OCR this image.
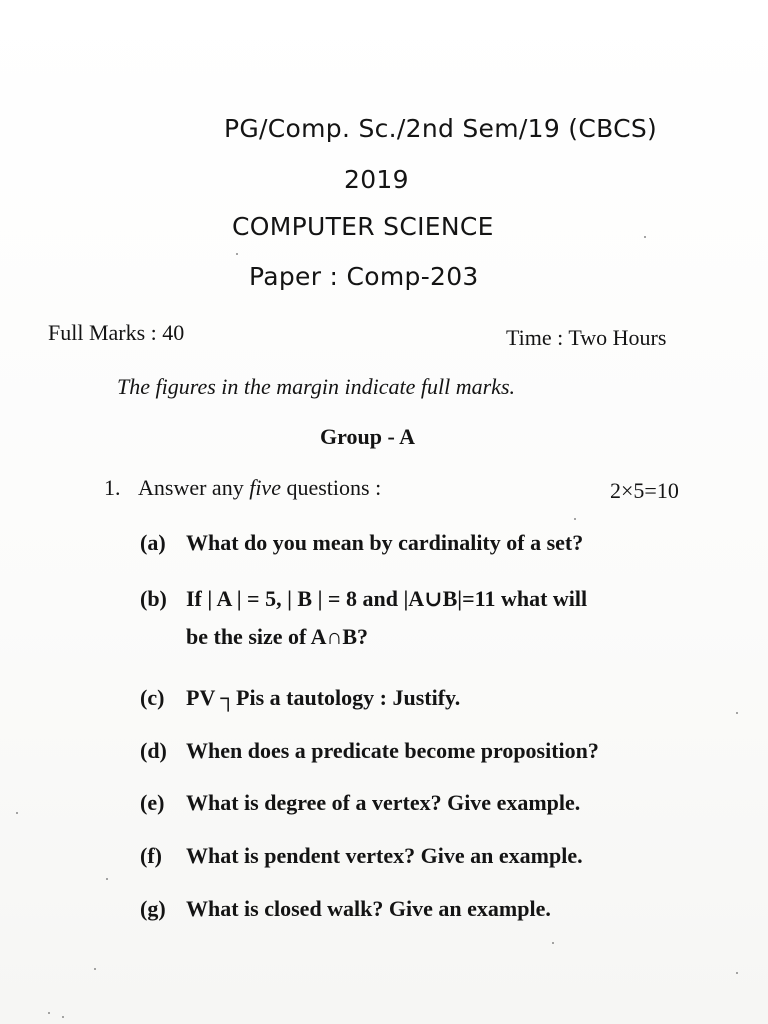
PG/Comp. Sc./2nd Sem/19 (CBCS)
2019
COMPUTER SCIENCE
Paper : Comp-203
Full Marks : 40	Time : Two Hours
The figures in the margin indicate full marks.
Group - A
1. Answer any five questions :	2×5=10
(a) What do you mean by cardinality of a set?
(b) If | A | = 5, | B | = 8 and |A∪B|=11 what will
be the size of A∩B?
(c) PV ┐Pis a tautology : Justify.
(d) When does a predicate become proposition?
(e) What is degree of a vertex? Give example.
(f) What is pendent vertex? Give an example.
(g) What is closed walk? Give an example.
